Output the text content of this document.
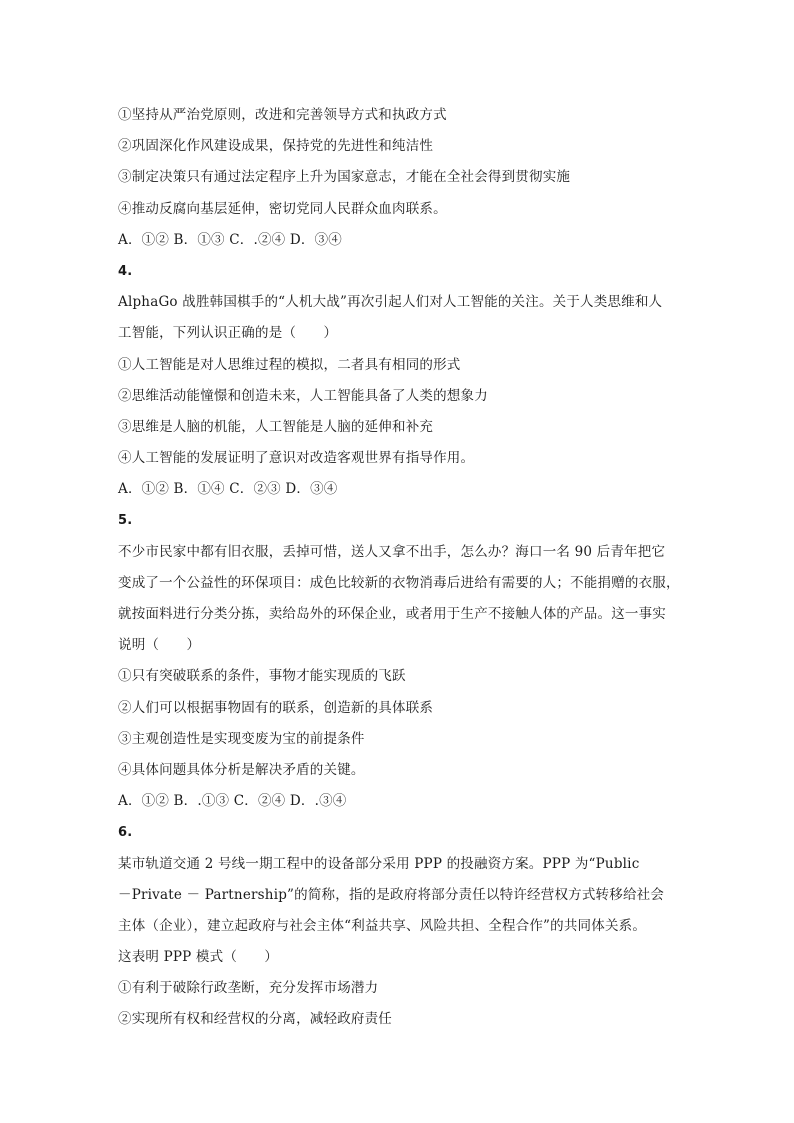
①坚持从严治党原则，改进和完善领导方式和执政方式
②巩固深化作风建设成果，保持党的先进性和纯洁性
③制定决策只有通过法定程序上升为国家意志，才能在全社会得到贯彻实施
④推动反腐向基层延伸，密切党同人民群众血肉联系。
A．①② B．①③ C．.②④ D．③④
4.
AlphaGo 战胜韩国棋手的“人机大战”再次引起人们对人工智能的关注。关于人类思维和人
工智能，下列认识正确的是（　　）
①人工智能是对人思维过程的模拟，二者具有相同的形式
②思维活动能憧憬和创造未来，人工智能具备了人类的想象力
③思维是人脑的机能，人工智能是人脑的延伸和补充
④人工智能的发展证明了意识对改造客观世界有指导作用。
A．①② B．①④ C．②③ D．③④
5.
不少市民家中都有旧衣服，丢掉可惜，送人又拿不出手，怎么办？海口一名 90 后青年把它
变成了一个公益性的环保项目：成色比较新的衣物消毒后进给有需要的人；不能捐赠的衣服，
就按面料进行分类分拣，卖给岛外的环保企业，或者用于生产不接触人体的产品。这一事实
说明（　　）
①只有突破联系的条件，事物才能实现质的飞跃
②人们可以根据事物固有的联系，创造新的具体联系
③主观创造性是实现变废为宝的前提条件
④具体问题具体分析是解决矛盾的关键。
A．①② B．.①③ C．②④ D．.③④
6.
某市轨道交通 2 号线一期工程中的设备部分采用 PPP 的投融资方案。PPP 为“Public
－Private － Partnership”的简称，指的是政府将部分责任以特许经营权方式转移给社会
主体（企业），建立起政府与社会主体“利益共享、风险共担、全程合作”的共同体关系。
这表明 PPP 模式（　　）
①有利于破除行政垄断，充分发挥市场潜力
②实现所有权和经营权的分离，减轻政府责任
